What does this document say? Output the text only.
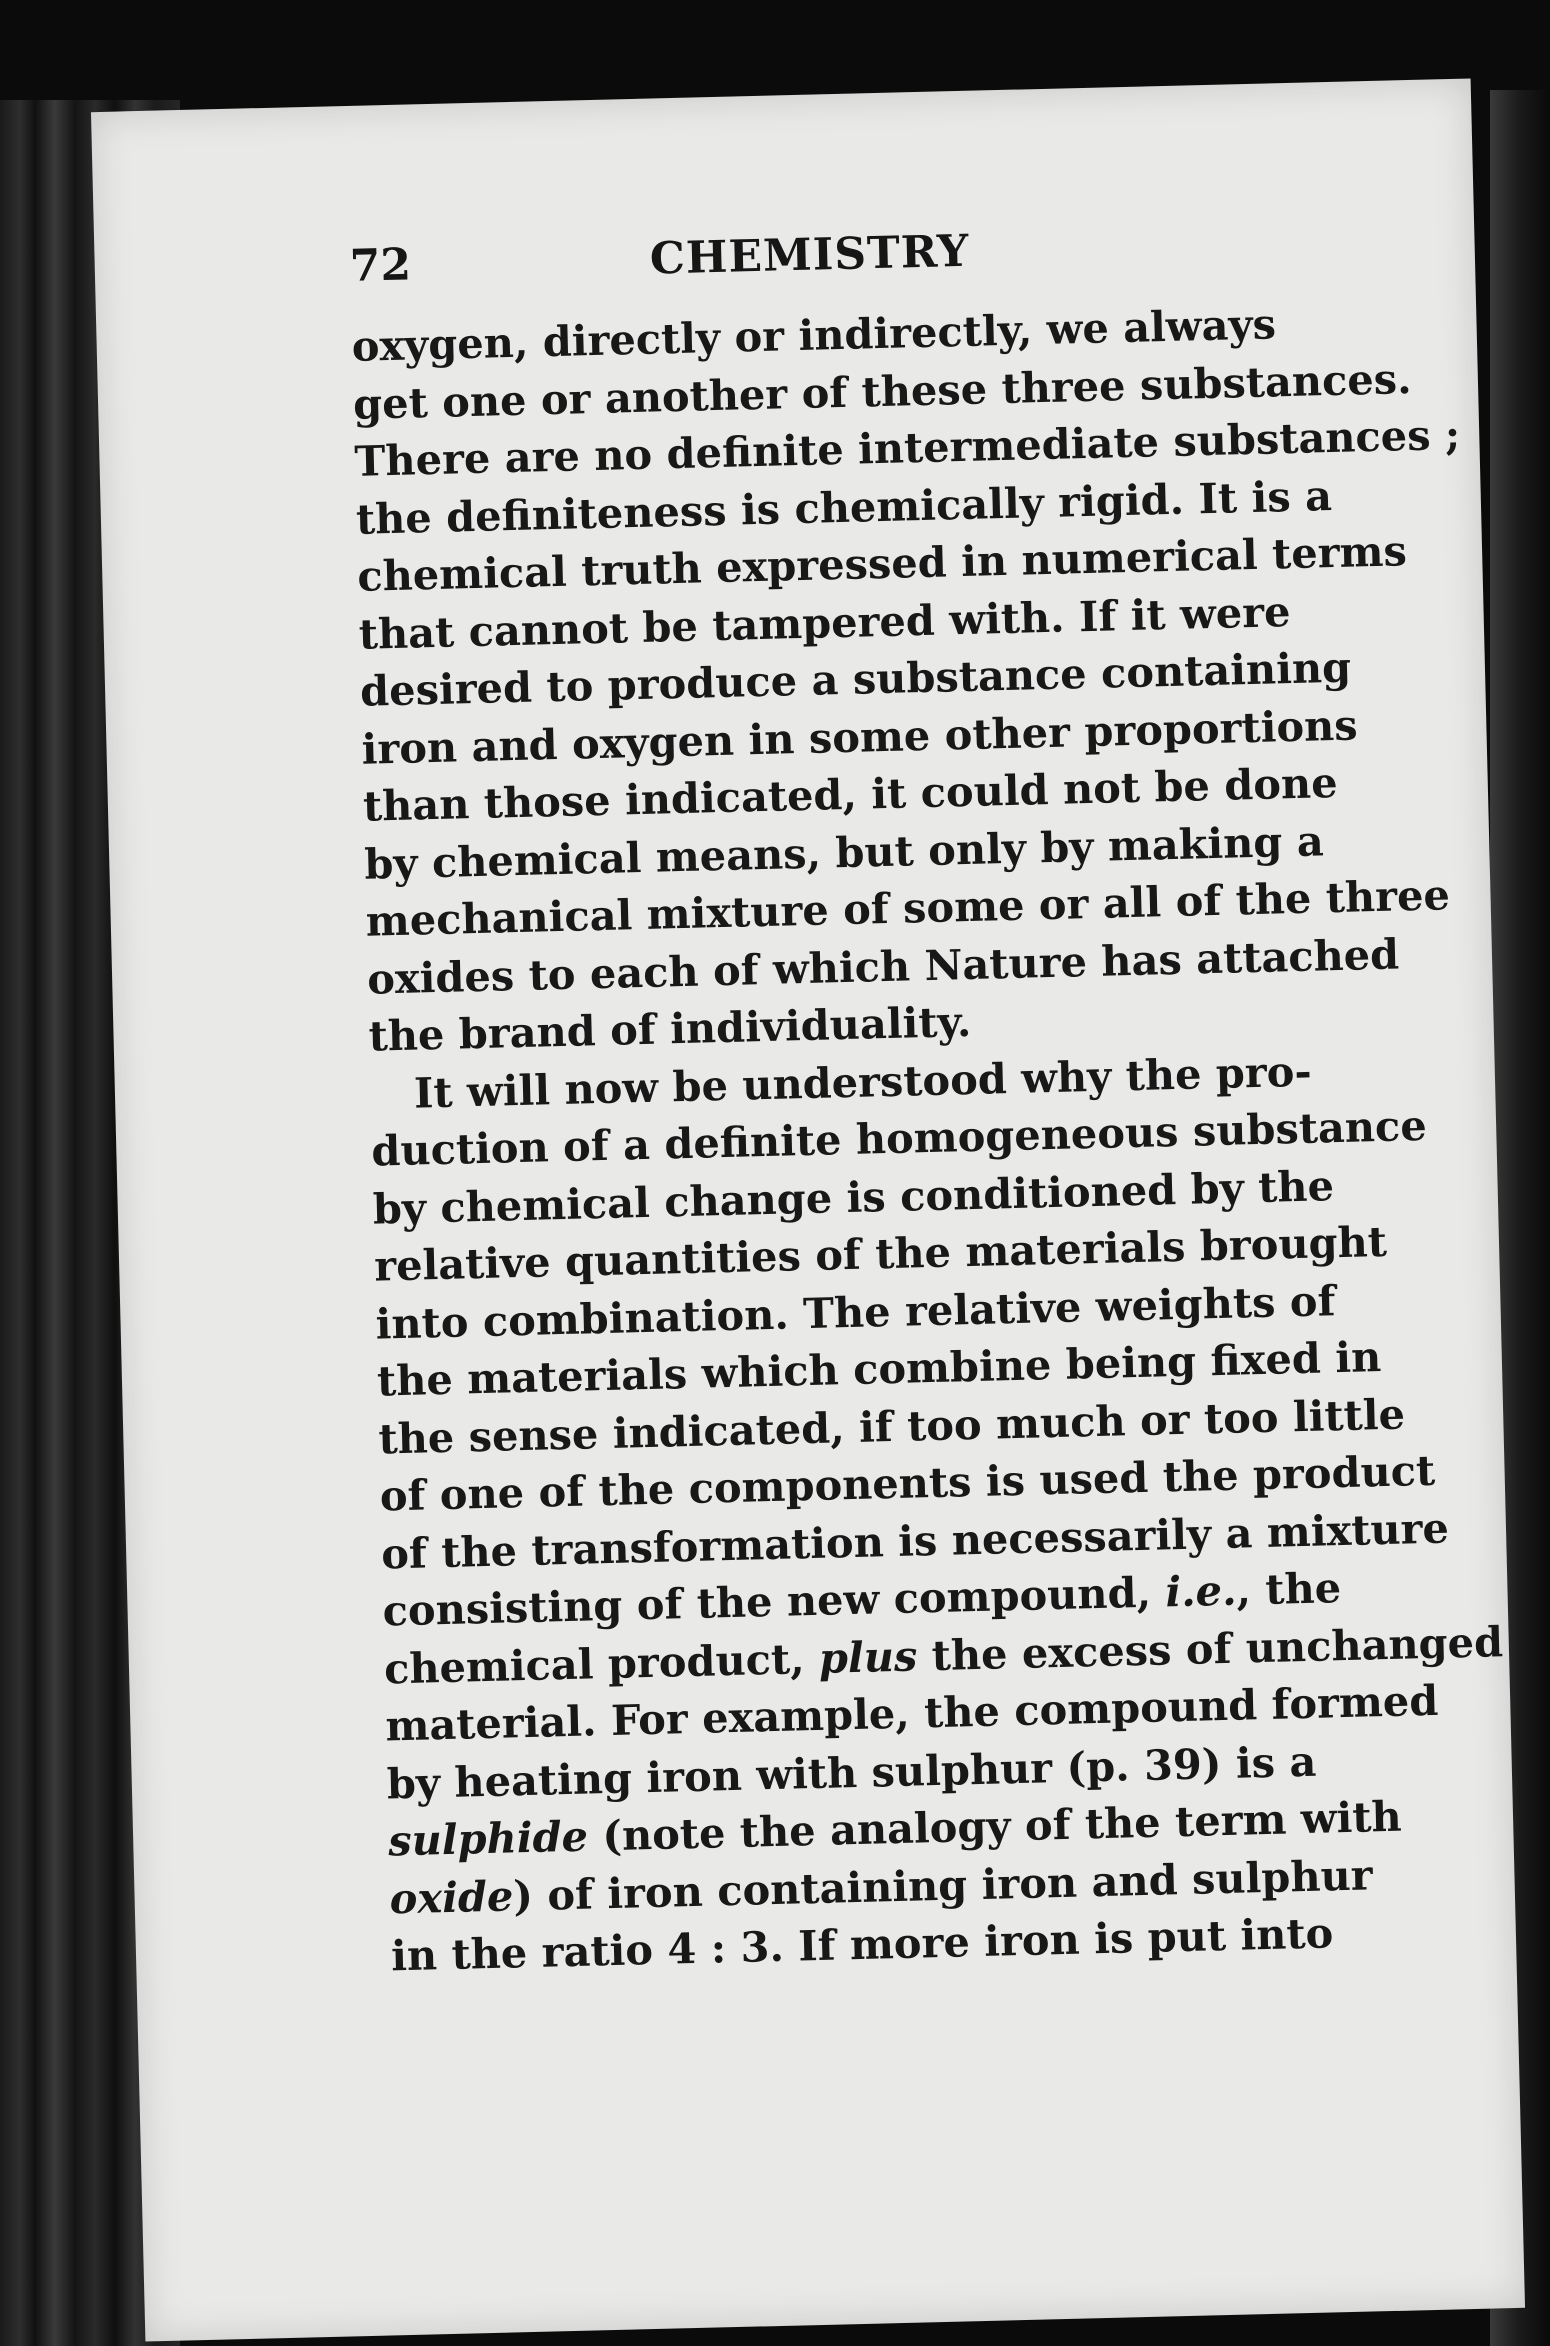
72	CHEMISTRY
oxygen, directly or indirectly, we always
get one or another of these three substances.
There are no definite intermediate substances ;
the definiteness is chemically rigid. It is a
chemical truth expressed in numerical terms
that cannot be tampered with. If it were
desired to produce a substance containing
iron and oxygen in some other proportions
than those indicated, it could not be done
by chemical means, but only by making a
mechanical mixture of some or all of the three
oxides to each of which Nature has attached
the brand of individuality.
It will now be understood why the pro-
duction of a definite homogeneous substance
by chemical change is conditioned by the
relative quantities of the materials brought
into combination. The relative weights of
the materials which combine being fixed in
the sense indicated, if too much or too little
of one of the components is used the product
of the transformation is necessarily a mixture
consisting of the new compound, i.e., the
chemical product, plus the excess of unchanged
material. For example, the compound formed
by heating iron with sulphur (p. 39) is a
sulphide (note the analogy of the term with
oxide) of iron containing iron and sulphur
in the ratio 4 : 3. If more iron is put into
